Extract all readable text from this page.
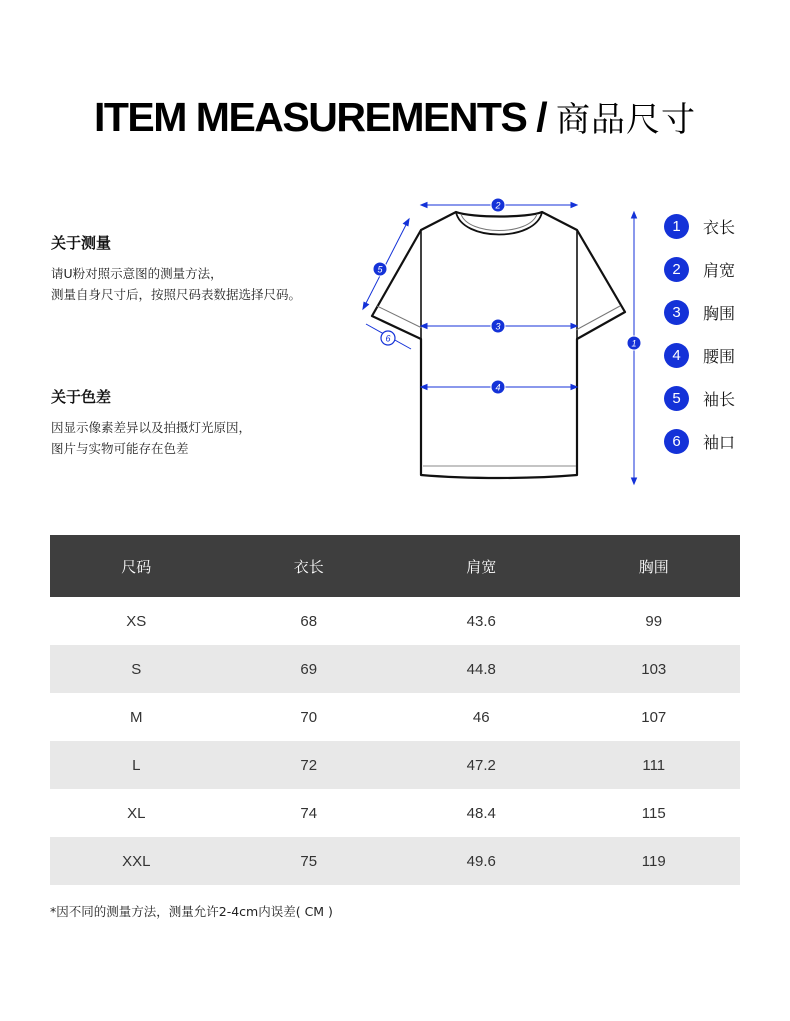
ITEM MEASUREMENTS / 商品尺寸
关于测量
请U粉对照示意图的测量方法，
测量自身尺寸后，按照尺码表数据选择尺码。
关于色差
因显示像素差异以及拍摄灯光原因，
图片与实物可能存在色差
2
1
3
4
5
6
1	衣长
2	肩宽
3	胸围
4	腰围
5	袖长
6	袖口
尺码	衣长	肩宽	胸围
XS	68	43.6	99
S	69	44.8	103
M	70	46	107
L	72	47.2	111
XL	74	48.4	115
XXL	75	49.6	119
*因不同的测量方法，测量允许2-4cm内误差( CM )
